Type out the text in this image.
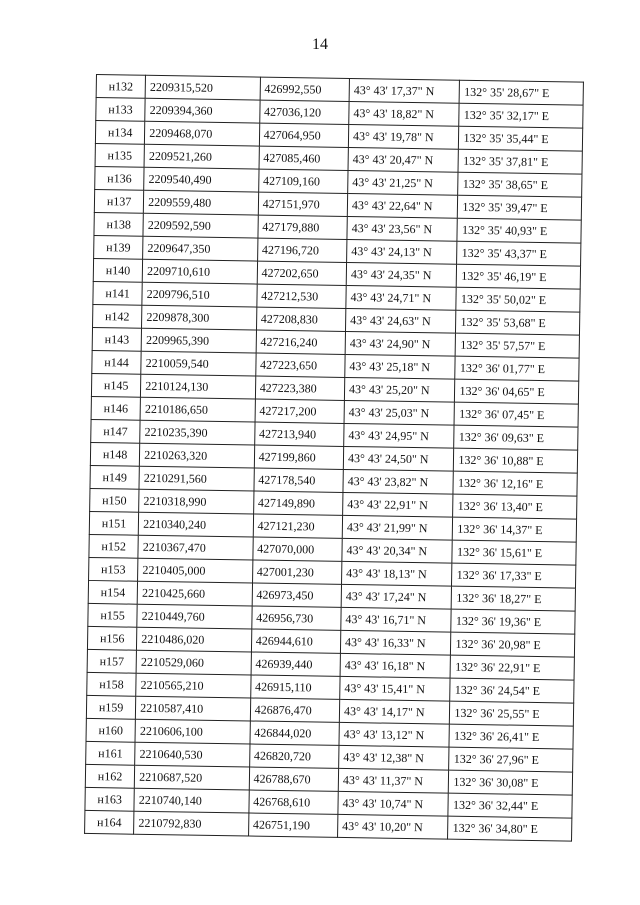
14
н132	2209315,520	426992,550	43° 43' 17,37" N	132° 35' 28,67" E
н133	2209394,360	427036,120	43° 43' 18,82" N	132° 35' 32,17" E
н134	2209468,070	427064,950	43° 43' 19,78" N	132° 35' 35,44" E
н135	2209521,260	427085,460	43° 43' 20,47" N	132° 35' 37,81" E
н136	2209540,490	427109,160	43° 43' 21,25" N	132° 35' 38,65" E
н137	2209559,480	427151,970	43° 43' 22,64" N	132° 35' 39,47" E
н138	2209592,590	427179,880	43° 43' 23,56" N	132° 35' 40,93" E
н139	2209647,350	427196,720	43° 43' 24,13" N	132° 35' 43,37" E
н140	2209710,610	427202,650	43° 43' 24,35" N	132° 35' 46,19" E
н141	2209796,510	427212,530	43° 43' 24,71" N	132° 35' 50,02" E
н142	2209878,300	427208,830	43° 43' 24,63" N	132° 35' 53,68" E
н143	2209965,390	427216,240	43° 43' 24,90" N	132° 35' 57,57" E
н144	2210059,540	427223,650	43° 43' 25,18" N	132° 36' 01,77" E
н145	2210124,130	427223,380	43° 43' 25,20" N	132° 36' 04,65" E
н146	2210186,650	427217,200	43° 43' 25,03" N	132° 36' 07,45" E
н147	2210235,390	427213,940	43° 43' 24,95" N	132° 36' 09,63" E
н148	2210263,320	427199,860	43° 43' 24,50" N	132° 36' 10,88" E
н149	2210291,560	427178,540	43° 43' 23,82" N	132° 36' 12,16" E
н150	2210318,990	427149,890	43° 43' 22,91" N	132° 36' 13,40" E
н151	2210340,240	427121,230	43° 43' 21,99" N	132° 36' 14,37" E
н152	2210367,470	427070,000	43° 43' 20,34" N	132° 36' 15,61" E
н153	2210405,000	427001,230	43° 43' 18,13" N	132° 36' 17,33" E
н154	2210425,660	426973,450	43° 43' 17,24" N	132° 36' 18,27" E
н155	2210449,760	426956,730	43° 43' 16,71" N	132° 36' 19,36" E
н156	2210486,020	426944,610	43° 43' 16,33" N	132° 36' 20,98" E
н157	2210529,060	426939,440	43° 43' 16,18" N	132° 36' 22,91" E
н158	2210565,210	426915,110	43° 43' 15,41" N	132° 36' 24,54" E
н159	2210587,410	426876,470	43° 43' 14,17" N	132° 36' 25,55" E
н160	2210606,100	426844,020	43° 43' 13,12" N	132° 36' 26,41" E
н161	2210640,530	426820,720	43° 43' 12,38" N	132° 36' 27,96" E
н162	2210687,520	426788,670	43° 43' 11,37" N	132° 36' 30,08" E
н163	2210740,140	426768,610	43° 43' 10,74" N	132° 36' 32,44" E
н164	2210792,830	426751,190	43° 43' 10,20" N	132° 36' 34,80" E
